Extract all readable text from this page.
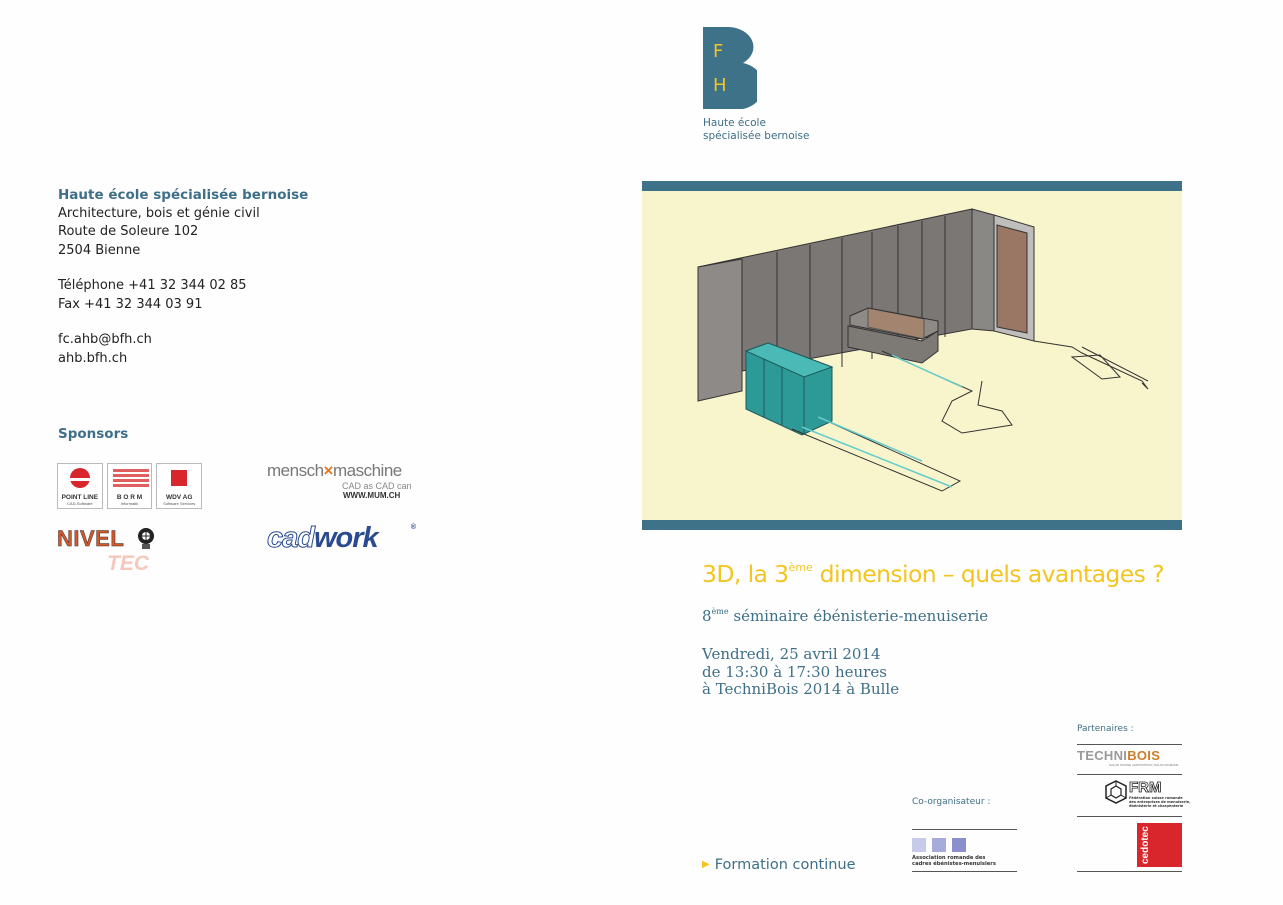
Haute école spécialisée bernoise
Architecture, bois et génie civil
Route de Soleure 102
2504 Bienne
Téléphone +41 32 344 02 85
Fax +41 32 344 03 91
fc.ahb@bfh.ch
ahb.bfh.ch
Sponsors
POINT LINE
CAD-Software
B O R M
Informatik
WDV AG
Software Services
mensch×maschine
CAD as CAD can
WWW.MUM.CH
NIVEL
TEC
cadwork	®
F
H
Haute école
spécialisée bernoise
3D, la 3ème dimension – quels avantages ?
8ème séminaire ébénisterie-menuiserie
Vendredi, 25 avril 2014
de 13:30 à 17:30 heures
à TechniBois 2014 à Bulle
▶ Formation continue
Co-organisateur :
Association romande des
cadres ébénistes-menuisiers
Partenaires :
TECHNIBOIS
SALON SUISSE | EXPOSITION | SALON ROMAND
FRM
Fédération suisse romande
des entreprises de menuiserie,
ébénisterie et charpenterie
cedotec
